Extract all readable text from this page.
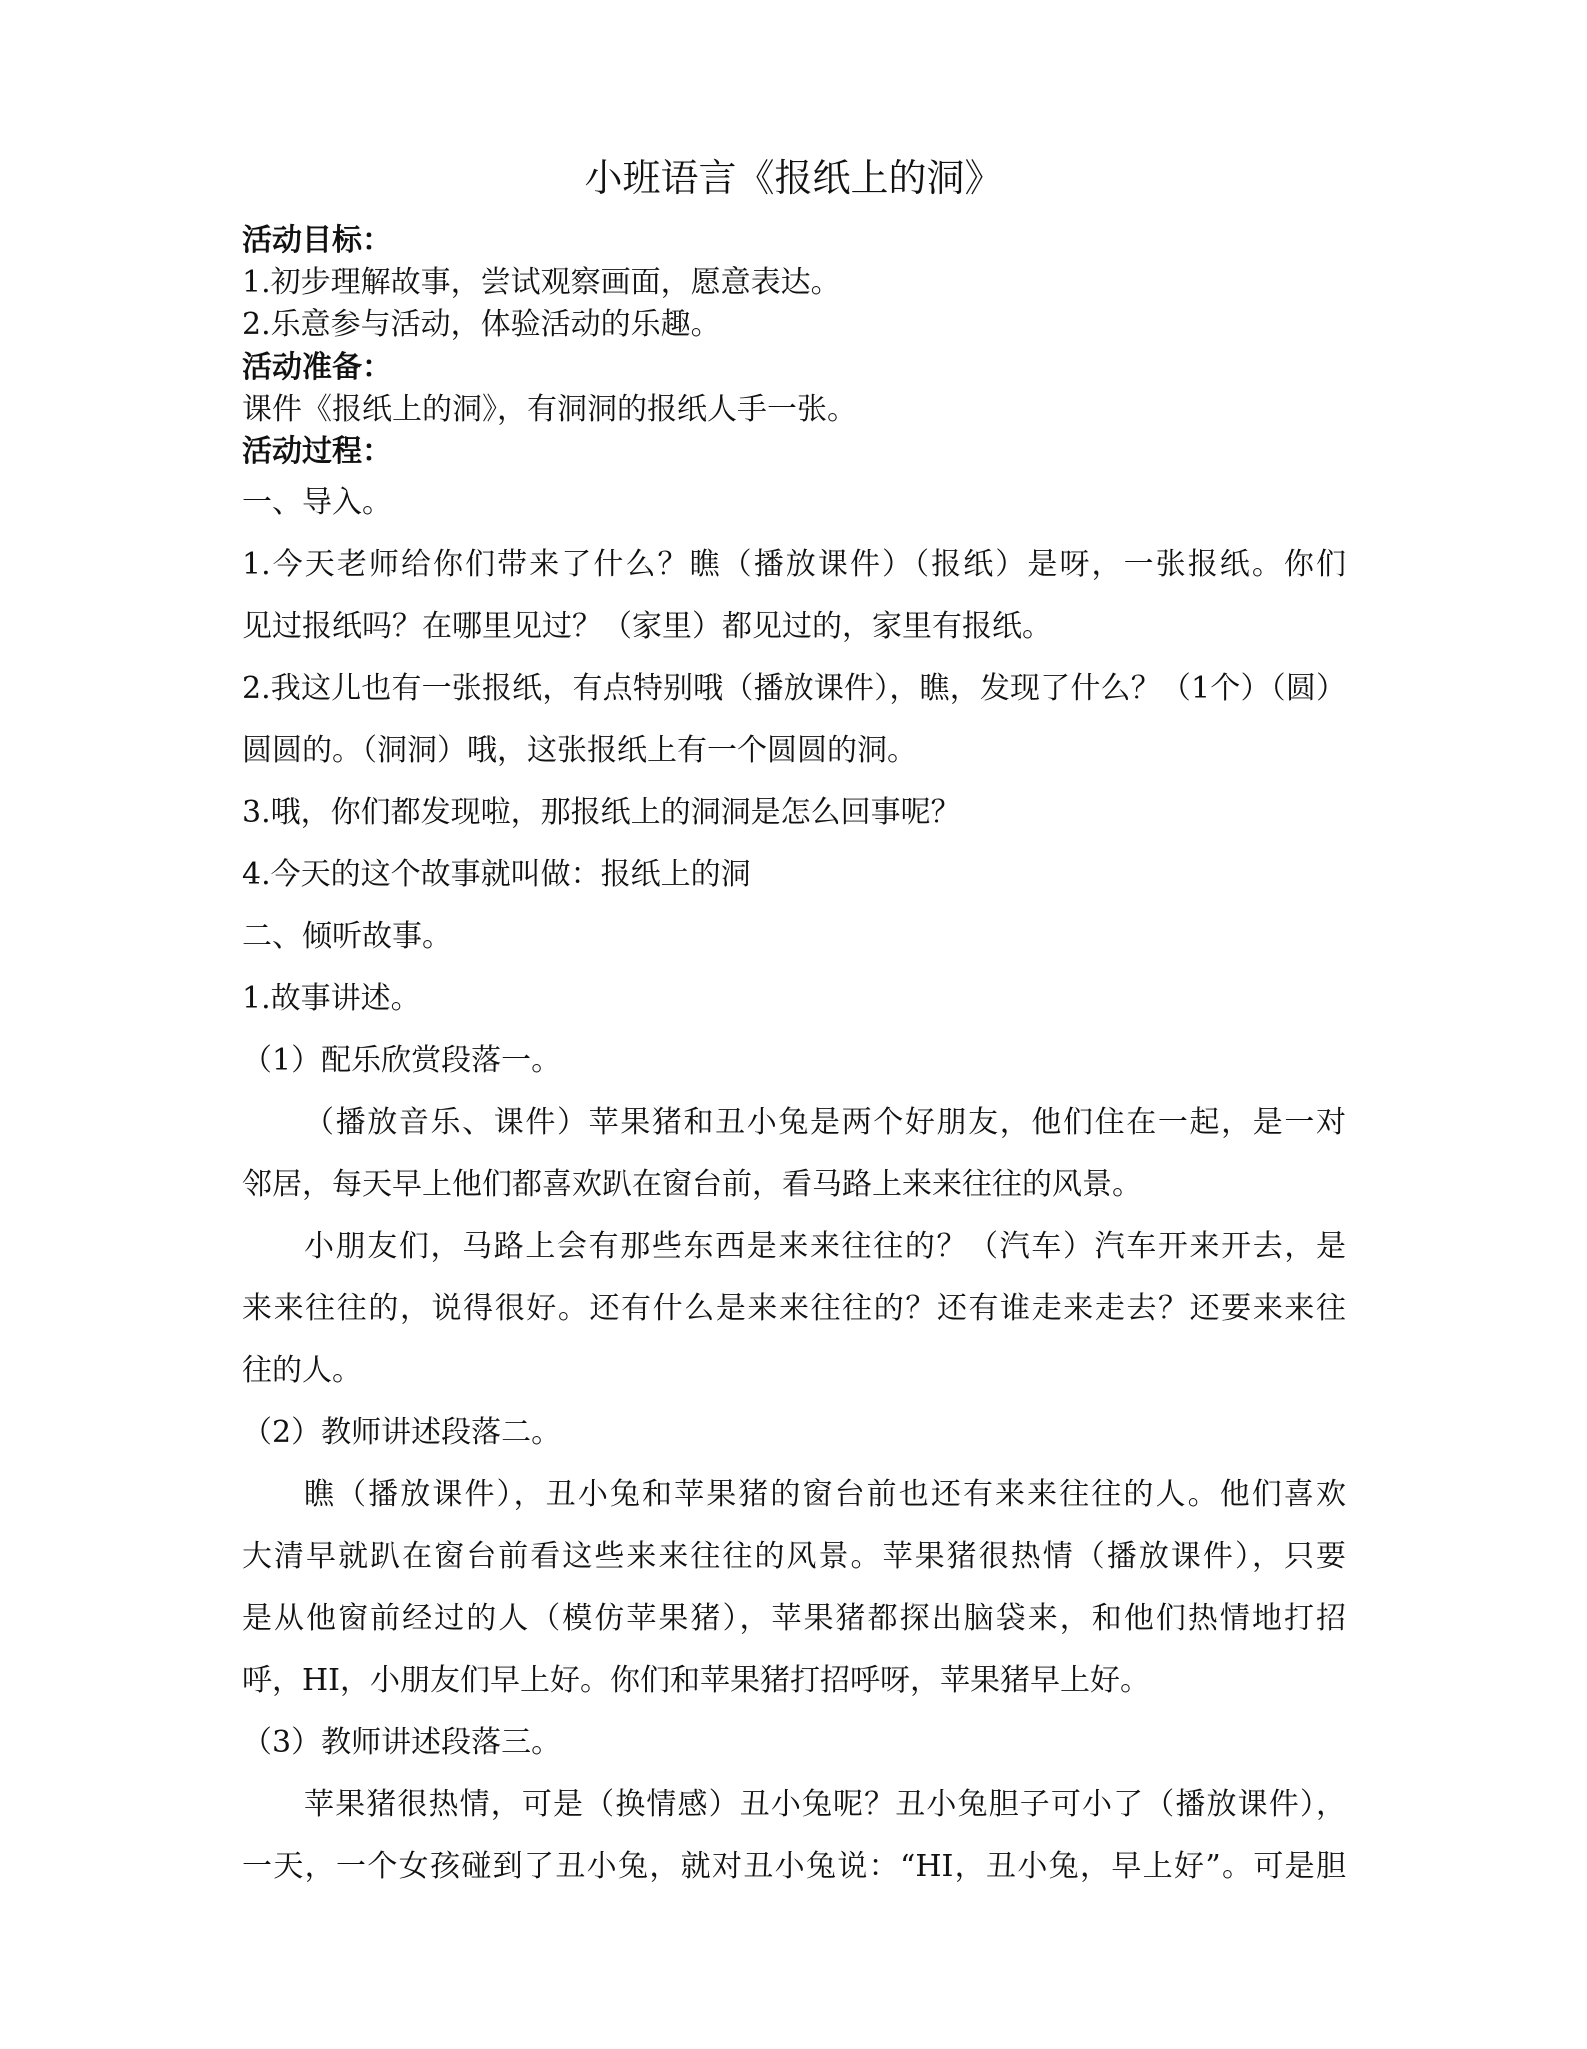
小班语言《报纸上的洞》
活动目标：
1.初步理解故事，尝试观察画面，愿意表达。
2.乐意参与活动，体验活动的乐趣。
活动准备：
课件《报纸上的洞》，有洞洞的报纸人手一张。
活动过程：
一、导入。
1.今天老师给你们带来了什么？瞧（播放课件）（报纸）是呀，一张报纸。你们
见过报纸吗？在哪里见过？（家里）都见过的，家里有报纸。
2.我这儿也有一张报纸，有点特别哦（播放课件），瞧，发现了什么？（1个）（圆）
圆圆的。（洞洞）哦，这张报纸上有一个圆圆的洞。
3.哦，你们都发现啦，那报纸上的洞洞是怎么回事呢？
4.今天的这个故事就叫做：报纸上的洞
二、倾听故事。
1.故事讲述。
（1）配乐欣赏段落一。
（播放音乐、课件）苹果猪和丑小兔是两个好朋友，他们住在一起，是一对
邻居，每天早上他们都喜欢趴在窗台前，看马路上来来往往的风景。
小朋友们，马路上会有那些东西是来来往往的？（汽车）汽车开来开去，是
来来往往的，说得很好。还有什么是来来往往的？还有谁走来走去？还要来来往
往的人。
（2）教师讲述段落二。
瞧（播放课件），丑小兔和苹果猪的窗台前也还有来来往往的人。他们喜欢
大清早就趴在窗台前看这些来来往往的风景。苹果猪很热情（播放课件），只要
是从他窗前经过的人（模仿苹果猪），苹果猪都探出脑袋来，和他们热情地打招
呼，HI，小朋友们早上好。你们和苹果猪打招呼呀，苹果猪早上好。
（3）教师讲述段落三。
苹果猪很热情，可是（换情感）丑小兔呢？丑小兔胆子可小了（播放课件），
一天，一个女孩碰到了丑小兔，就对丑小兔说：“HI，丑小兔，早上好”。可是胆
